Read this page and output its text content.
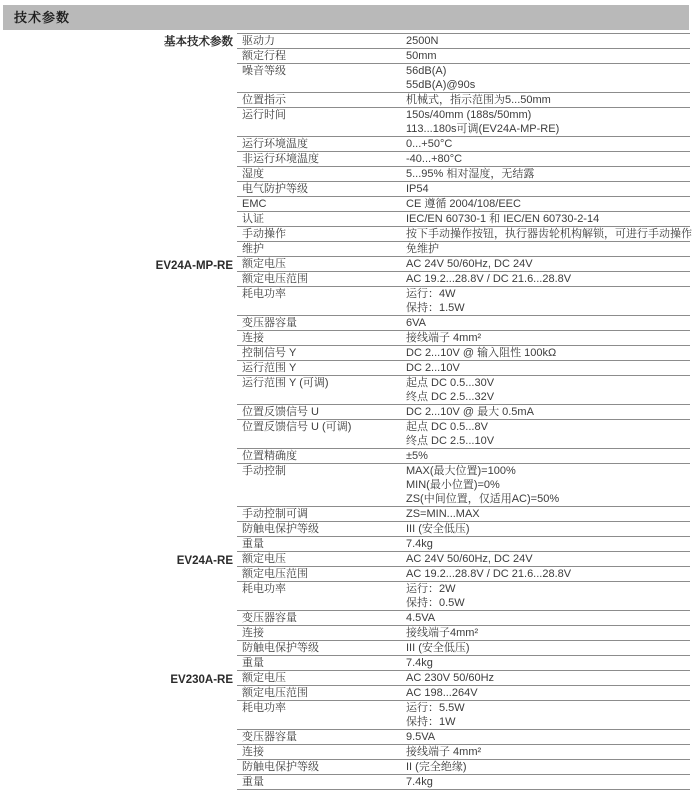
技术参数
基本技术参数 驱动力	2500N
额定行程	50mm
噪音等级	56dB(A)
55dB(A)@90s
位置指示	机械式，指示范围为5...50mm
运行时间	150s/40mm (188s/50mm)
113...180s可调(EV24A-MP-RE)
运行环境温度	0...+50°C
非运行环境温度	-40...+80°C
湿度	5...95% 相对湿度，无结露
电气防护等级	IP54
EMC	CE 遵循 2004/108/EEC
认证	IEC/EN 60730-1 和 IEC/EN 60730-2-14
手动操作	按下手动操作按钮，执行器齿轮机构解锁，可进行手动操作
维护	免维护
EV24A-MP-RE 额定电压	AC 24V 50/60Hz, DC 24V
额定电压范围	AC 19.2...28.8V / DC 21.6...28.8V
耗电功率	运行：4W
保持：1.5W
变压器容量	6VA
连接	接线端子 4mm²
控制信号 Y	DC 2...10V @ 输入阻性 100kΩ
运行范围 Y	DC 2...10V
运行范围 Y (可调)	起点 DC 0.5...30V
终点 DC 2.5...32V
位置反馈信号 U	DC 2...10V @ 最大 0.5mA
位置反馈信号 U (可调)	起点 DC 0.5...8V
终点 DC 2.5...10V
位置精确度	±5%
手动控制	MAX(最大位置)=100%
MIN(最小位置)=0%
ZS(中间位置，仅适用AC)=50%
手动控制可调	ZS=MIN...MAX
防触电保护等级	III (安全低压)
重量	7.4kg
EV24A-RE 额定电压	AC 24V 50/60Hz, DC 24V
额定电压范围	AC 19.2...28.8V / DC 21.6...28.8V
耗电功率	运行：2W
保持：0.5W
变压器容量	4.5VA
连接	接线端子4mm²
防触电保护等级	III (安全低压)
重量	7.4kg
EV230A-RE 额定电压	AC 230V 50/60Hz
额定电压范围	AC 198...264V
耗电功率	运行：5.5W
保持：1W
变压器容量	9.5VA
连接	接线端子 4mm²
防触电保护等级	II (完全绝缘)
重量	7.4kg
